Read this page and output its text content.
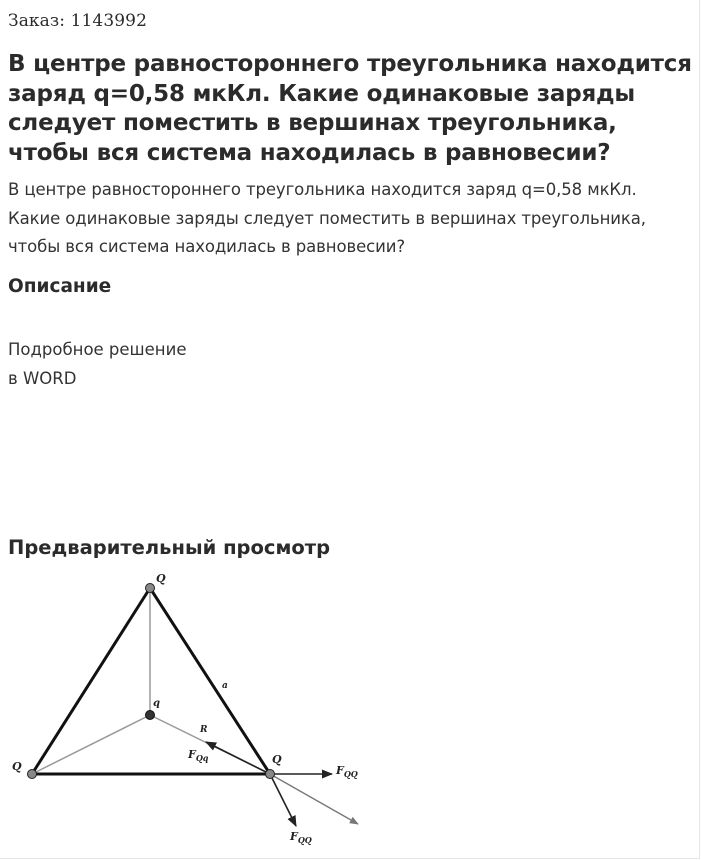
Заказ: 1143992
В центре равностороннего треугольника находится заряд q=0,58 мкКл. Какие одинаковые заряды следует поместить в вершинах треугольника, чтобы вся система находилась в равновесии?

В центре равностороннего треугольника находится заряд q=0,58 мкКл. Какие одинаковые заряды следует поместить в вершинах треугольника, чтобы вся система находилась в равновесии?

Описание

Подробное решение

в WORD

Предварительный просмотр
Q
Q
Q
q
a
R
$F_{Qq}$
$F_{QQ}$
$F_{QQ}$
